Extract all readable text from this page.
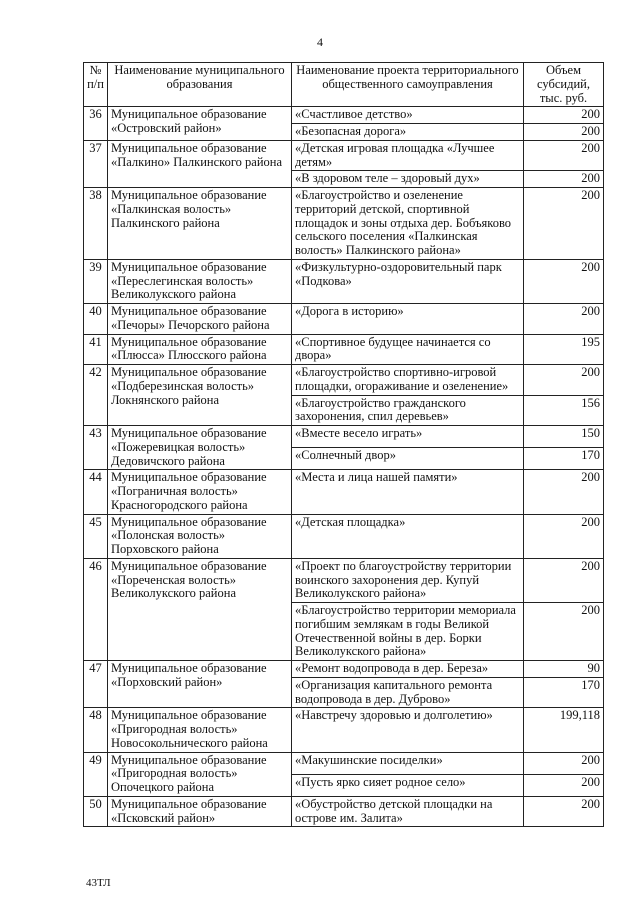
4
№ п/п	Наименование муниципального образования	Наименование проекта территориального общественного самоуправления	Объем субсидий, тыс. руб.
36	Муниципальное образование «Островский район»	«Счастливое детство»	200
		«Безопасная дорога»	200
37	Муниципальное образование «Палкино» Палкинского района	«Детская игровая площадка «Лучшее детям»	200
		«В здоровом теле – здоровый дух»	200
38	Муниципальное образование «Палкинская волость» Палкинского района	«Благоустройство и озеленение территорий детской, спортивной площадок и зоны отдыха дер. Бобъяково сельского поселения «Палкинская волость» Палкинского района»	200
39	Муниципальное образование «Переслегинская волость» Великолукского района	«Физкультурно-оздоровительный парк «Подкова»	200
40	Муниципальное образование «Печоры» Печорского района	«Дорога в историю»	200
41	Муниципальное образование «Плюсса» Плюсского района	«Спортивное будущее начинается со двора»	195
42	Муниципальное образование «Подберезинская волость» Локнянского района	«Благоустройство спортивно-игровой площадки, огораживание и озеленение»	200
		«Благоустройство гражданского захоронения, спил деревьев»	156
43	Муниципальное образование «Пожеревицкая волость» Дедовичского района	«Вместе весело играть»	150
		«Солнечный двор»	170
44	Муниципальное образование «Пограничная волость» Красногородского района	«Места и лица нашей памяти»	200
45	Муниципальное образование «Полонская волость» Порховского района	«Детская площадка»	200
46	Муниципальное образование «Пореченская волость» Великолукского района	«Проект по благоустройству территории воинского захоронения дер. Купуй Великолукского района»	200
		«Благоустройство территории мемориала погибшим землякам в годы Великой Отечественной войны в дер. Борки Великолукского района»	200
47	Муниципальное образование «Порховский район»	«Ремонт водопровода в дер. Береза»	90
		«Организация капитального ремонта водопровода в дер. Дуброво»	170
48	Муниципальное образование «Пригородная волость» Новосокольнического района	«Навстречу здоровью и долголетию»	199,118
49	Муниципальное образование «Пригородная волость» Опочецкого района	«Макушинские посиделки»	200
		«Пусть ярко сияет родное село»	200
50	Муниципальное образование «Псковский район»	«Обустройство детской площадки на острове им. Залита»	200
43ТЛ
